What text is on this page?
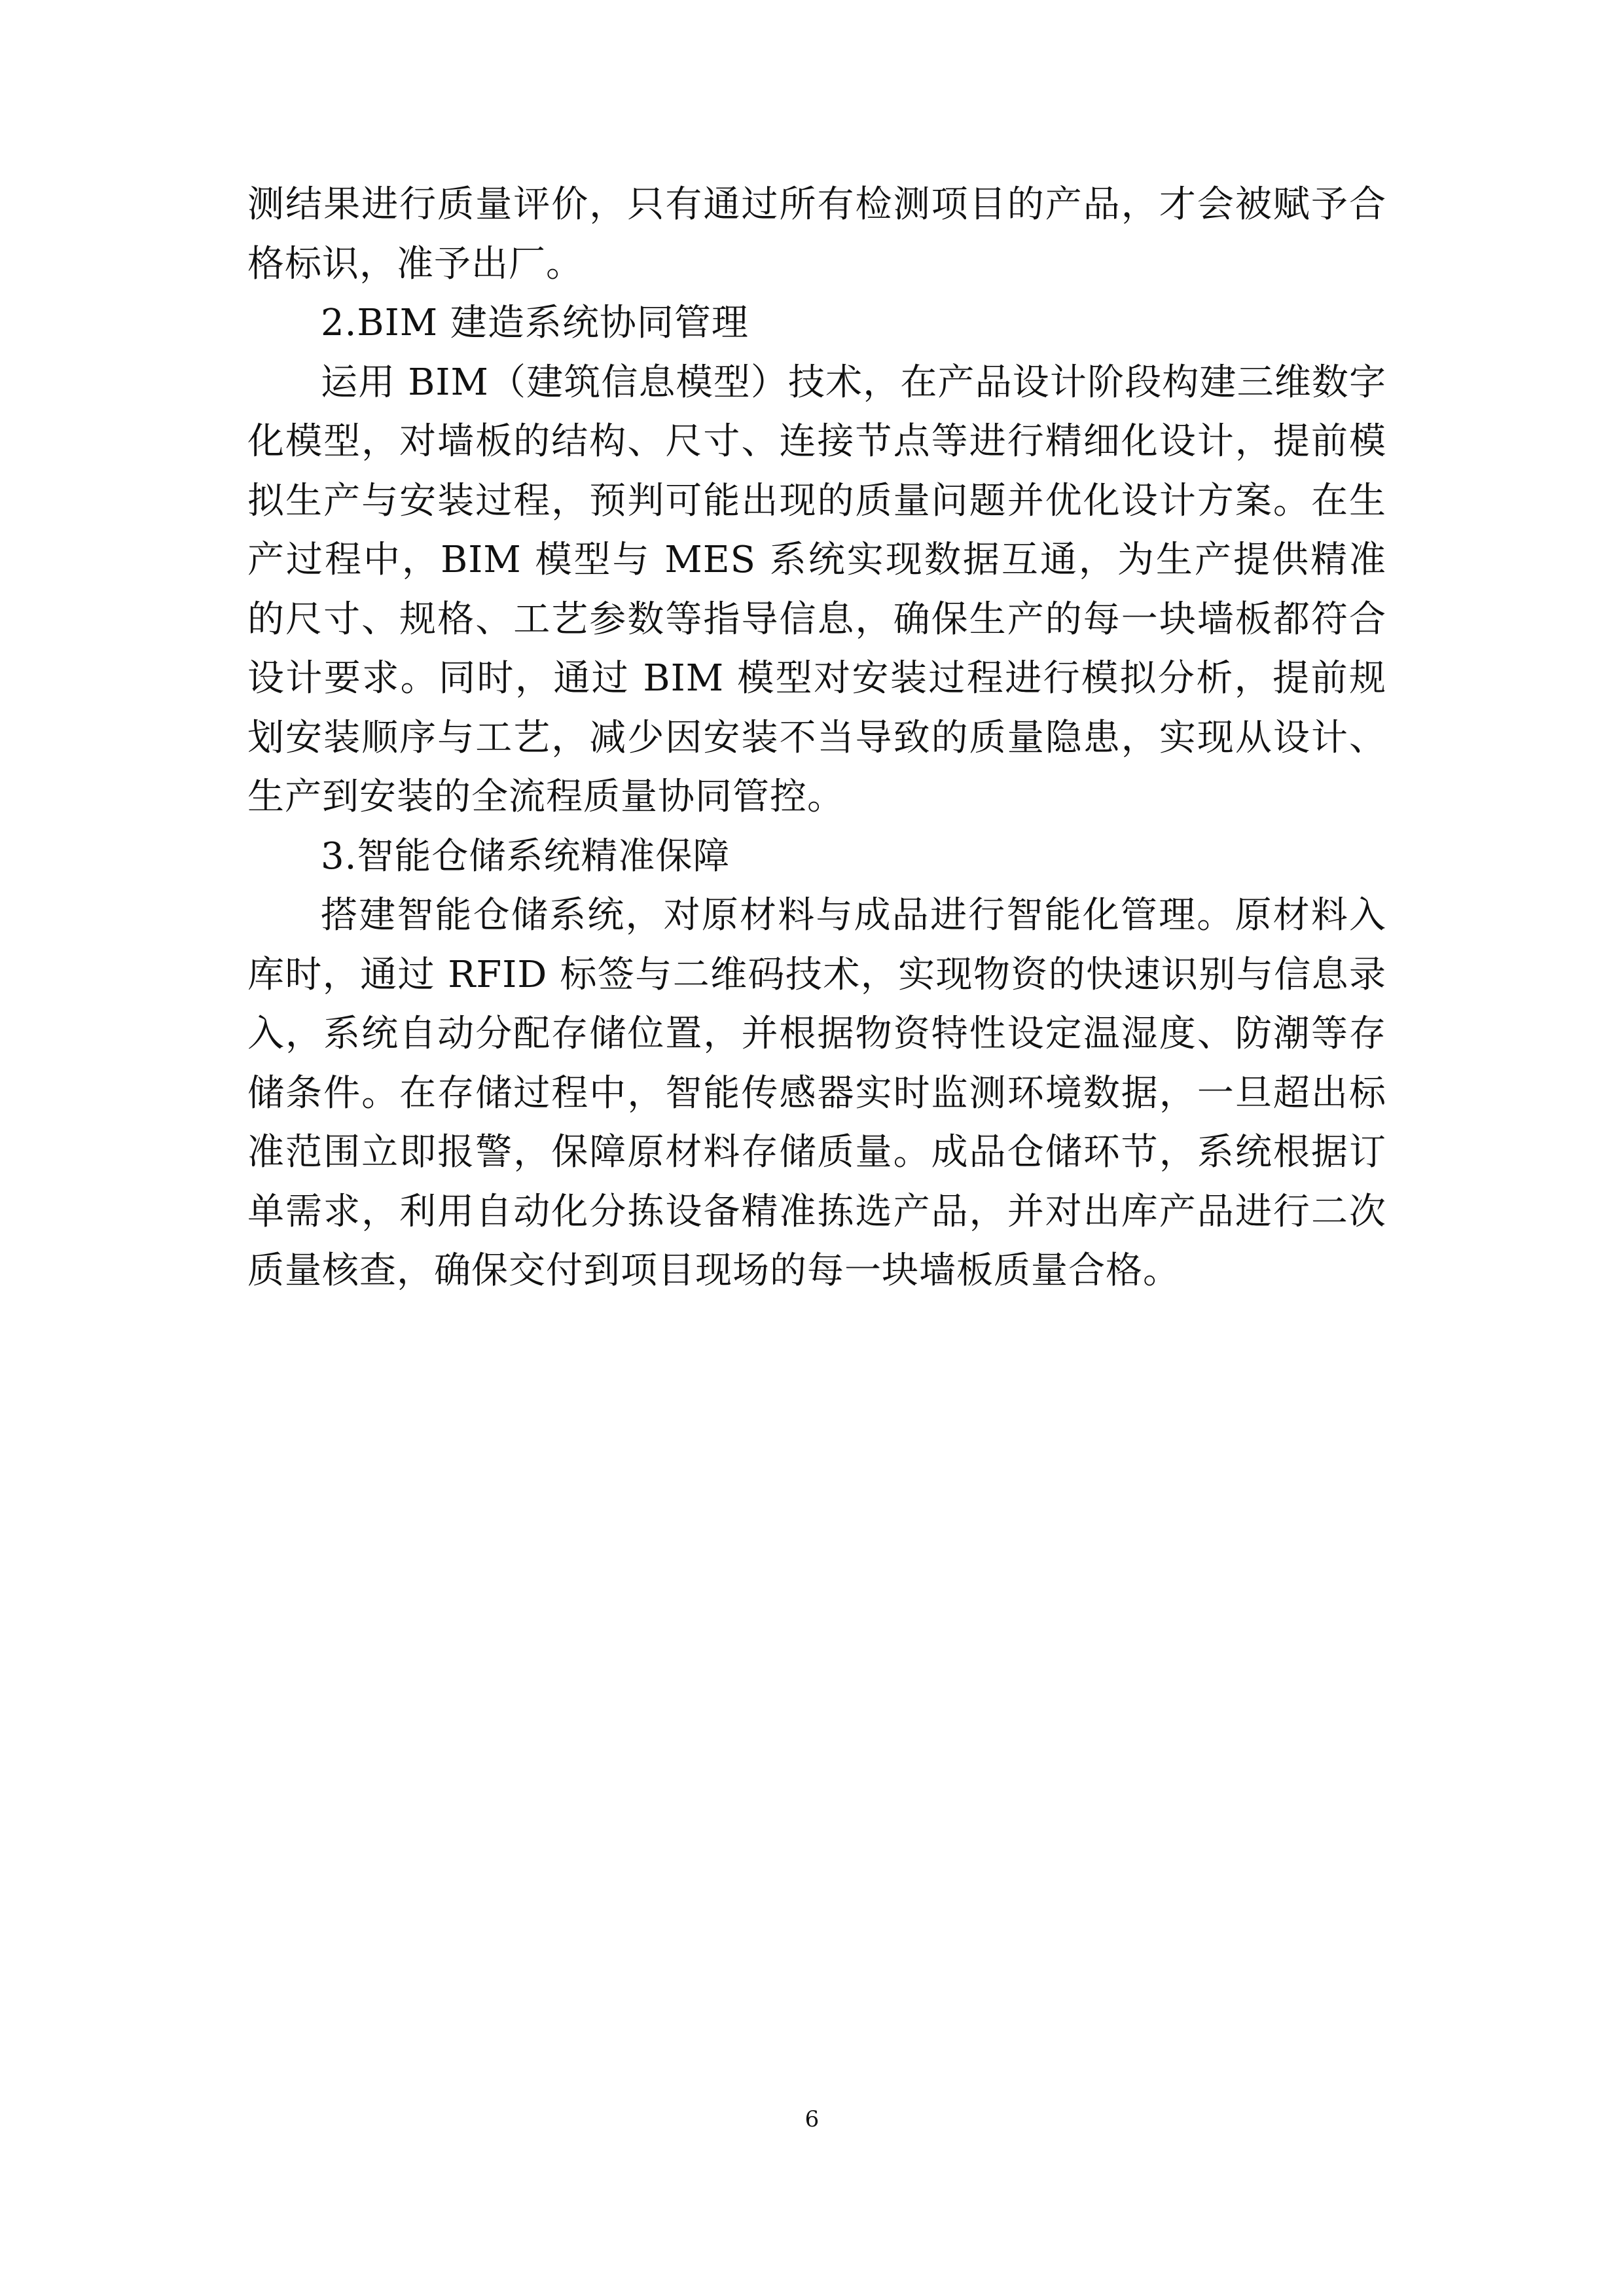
测结果进行质量评价，只有通过所有检测项目的产品，才会被赋予合格标识，准予出厂。

2.BIM 建造系统协同管理

运用 BIM（建筑信息模型）技术，在产品设计阶段构建三维数字化模型，对墙板的结构、尺寸、连接节点等进行精细化设计，提前模拟生产与安装过程，预判可能出现的质量问题并优化设计方案。在生产过程中，BIM 模型与 MES 系统实现数据互通，为生产提供精准的尺寸、规格、工艺参数等指导信息，确保生产的每一块墙板都符合设计要求。同时，通过 BIM 模型对安装过程进行模拟分析，提前规划安装顺序与工艺，减少因安装不当导致的质量隐患，实现从设计、生产到安装的全流程质量协同管控。

3.智能仓储系统精准保障

搭建智能仓储系统，对原材料与成品进行智能化管理。原材料入库时，通过 RFID 标签与二维码技术，实现物资的快速识别与信息录入，系统自动分配存储位置，并根据物资特性设定温湿度、防潮等存储条件。在存储过程中，智能传感器实时监测环境数据，一旦超出标准范围立即报警，保障原材料存储质量。成品仓储环节，系统根据订单需求，利用自动化分拣设备精准拣选产品，并对出库产品进行二次质量核查，确保交付到项目现场的每一块墙板质量合格。

6
